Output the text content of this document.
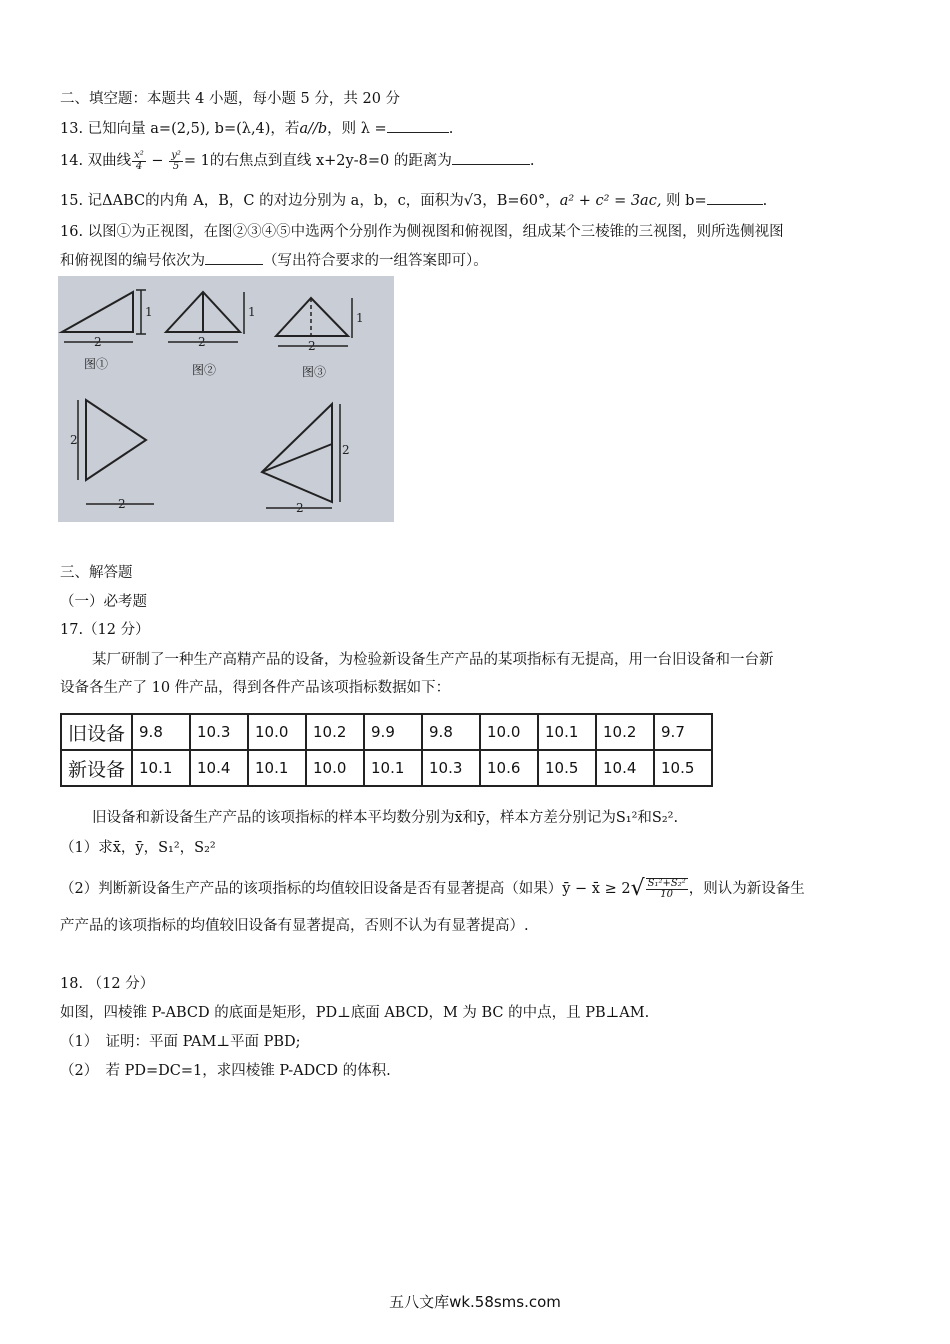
二、填空题：本题共 4 小题，每小题 5 分，共 20 分
13. 已知向量 a=(2,5), b=(λ,4)，若a//b，则 λ =	.
14. 双曲线 $\frac{\text{x²}}{4} - \frac{\text{y²}}{5} = 1$的右焦点到直线 x+2y-8=0 的距离为	.
15. 记ΔABC的内角 A，B，C 的对边分别为 a，b，c，面积为√3，B=60°，a² + c² = 3ac, 则 b=	.
16. 以图①为正视图，在图②③④⑤中选两个分别作为侧视图和俯视图，组成某个三棱锥的三视图，则所选侧视图
和俯视图的编号依次为	（写出符合要求的一组答案即可）。
1
2
1
2
1
2
2
2
2
2
图①	图②	图③
三、解答题
（一）必考题
17.（12 分）
某厂研制了一种生产高精产品的设备，为检验新设备生产产品的某项指标有无提高，用一台旧设备和一台新
设备各生产了 10 件产品，得到各件产品该项指标数据如下：
旧设备	9.8	10.3	10.0	10.2	9.9	9.8	10.0	10.1	10.2	9.7
新设备	10.1	10.4	10.1	10.0	10.1	10.3	10.6	10.5	10.4	10.5
旧设备和新设备生产产品的该项指标的样本平均数分别为x̄和ȳ，样本方差分别记为S₁²和S₂².
（1）求x̄，ȳ，S₁²，S₂²
（2）判断新设备生产产品的该项指标的均值较旧设备是否有显著提高（如果）ȳ − x̄ ≥ $2√ \frac{\text{S₁²+S₂²}}{10}$ ，则认为新设备生
产产品的该项指标的均值较旧设备有显著提高，否则不认为有显著提高）.
18. （12 分）
如图，四棱锥 P-ABCD 的底面是矩形，PD⊥底面 ABCD，M 为 BC 的中点，且 PB⊥AM.
（1）　证明：平面 PAM⊥平面 PBD;
（2）　若 PD=DC=1，求四棱锥 P-ADCD 的体积.
五八文库wk.58sms.com
